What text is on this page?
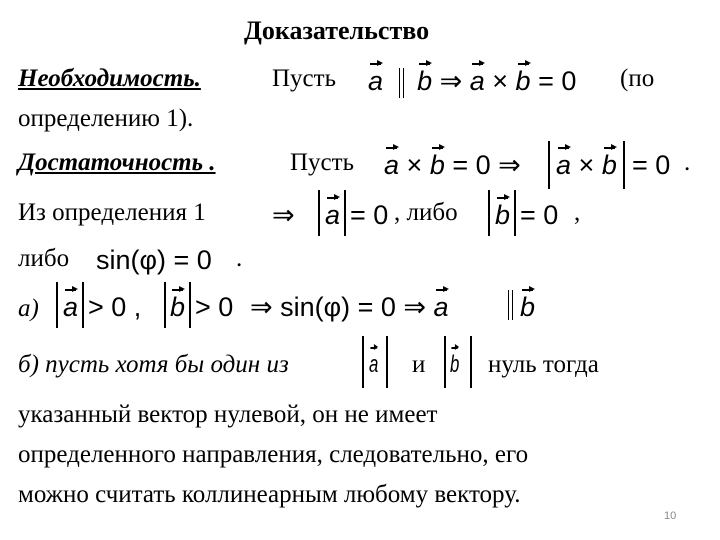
Доказательство
Необходимость.	Пусть a b ⇒ a × b = 0 (по
определению 1).
Достаточность .	Пусть a × b = 0 ⇒ a × b = 0 .
Из определения 1 ⇒ a = 0 , либо b = 0 ,
либо sin(φ) = 0 .
а) a > 0 , b > 0 ⇒ sin(φ) = 0 ⇒ a	b
б) пусть хотя бы один из	a и b нуль тогда
указанный вектор нулевой, он не имеет
определенного направления, следовательно, его
можно считать коллинеарным любому вектору.
10
